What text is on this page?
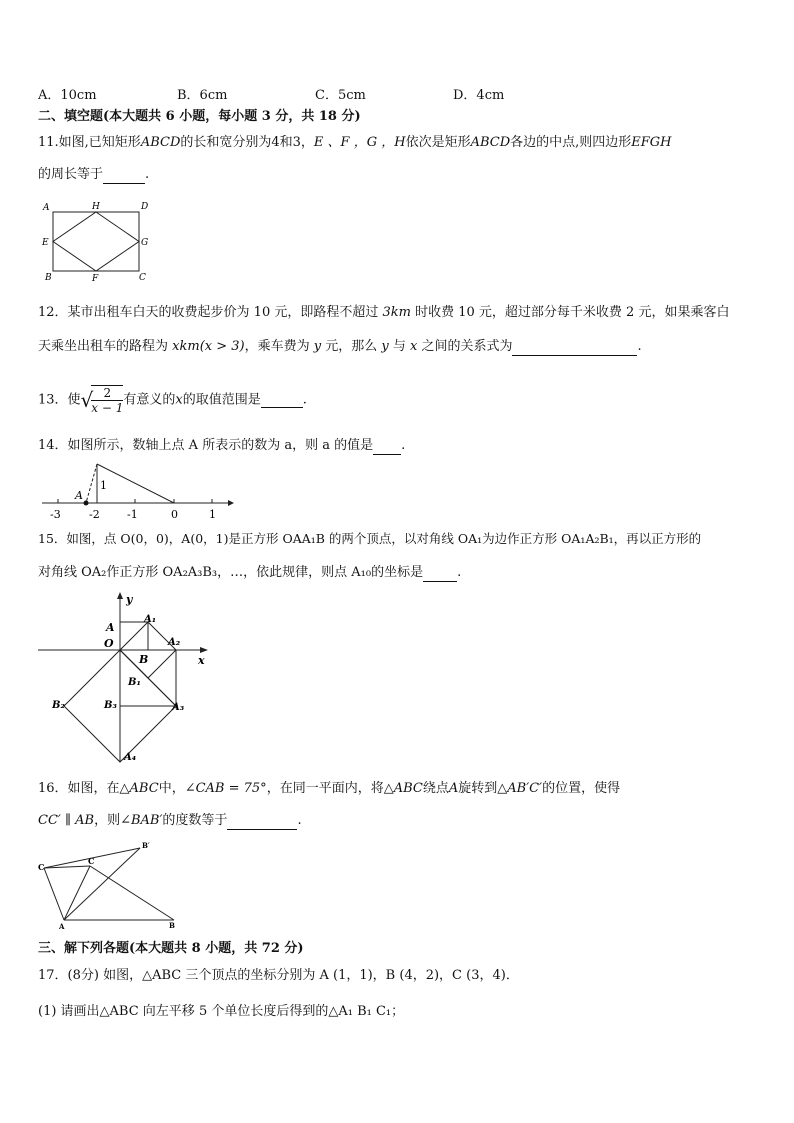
A．10cm	B．6cm	C．5cm	D．4cm
二、填空题(本大题共 6 小题，每小题 3 分，共 18 分)
11.如图,已知矩形ABCD的长和宽分别为4和3，E 、F ，G ，H依次是矩形ABCD各边的中点,则四边形EFGH
的周长等于	.
A	H	D
E	G
B	F	C
12．某市出租车白天的收费起步价为 10 元，即路程不超过 3km 时收费 10 元，超过部分每千米收费 2 元，如果乘客白
天乘坐出租车的路程为 xkm(x > 3)，乘车费为 y 元，那么 y 与 x 之间的关系式为	.
13．使√
$\frac{2}{x - 1}$ 有意义的x的取值范围是	.
14．如图所示，数轴上点 A 所表示的数为 a，则 a 的值是 .
A
1
-3	-2 -1	0	1
15．如图，点 O(0，0)，A(0，1)是正方形 OAA₁B 的两个顶点，以对角线 OA₁为边作正方形 OA₁A₂B₁，再以正方形的
对角线 OA₂作正方形 OA₂A₃B₃，…，依此规律，则点 A₁₀的坐标是	.
y
x
A
O
A₁
A₂
B
B₁
B₂	B₃	A₃
A₄
16．如图，在△ABC中，∠CAB = 75°，在同一平面内，将△ABC绕点A旋转到△AB′C′的位置，使得
CC′ ∥ AB，则∠BAB′的度数等于	.
C
C
B′
A	B
三、解下列各题(本大题共 8 小题，共 72 分)
17．(8分) 如图，△ABC 三个顶点的坐标分别为 A (1，1)，B (4，2)，C (3，4)．
(1) 请画出△ABC 向左平移 5 个单位长度后得到的△A₁ B₁ C₁；
